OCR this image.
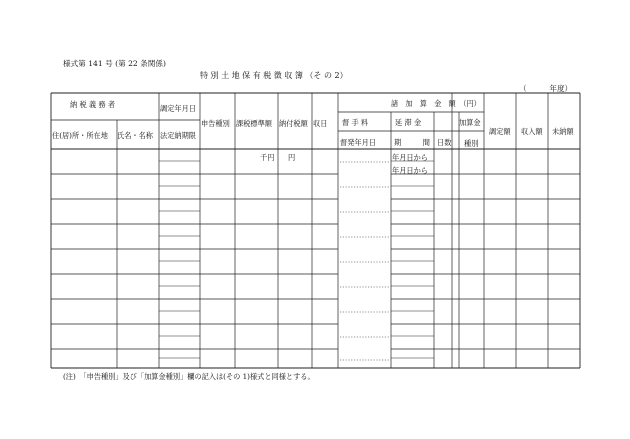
様式第 141 号 (第 22 条関係)
特 別 土 地 保 有 税 徴 収 簿 （そ の 2）
（　　　年度）
納 税 義 務 者	調定年月日
住(居)所・所在地 氏名・名称 法定納期限
申告種別 課税標準額 納付税額 収日
諸　加　算　金　額　（円）
督 手 料
督発年月日
延 滞 金
期　　　間 日数
加算金
種別
調定額 収入額 未納額
千円 円	年月日から
年月日から
(注)　「申告種別」及び「加算金種別」欄の記入は(その 1)様式と同様とする。
